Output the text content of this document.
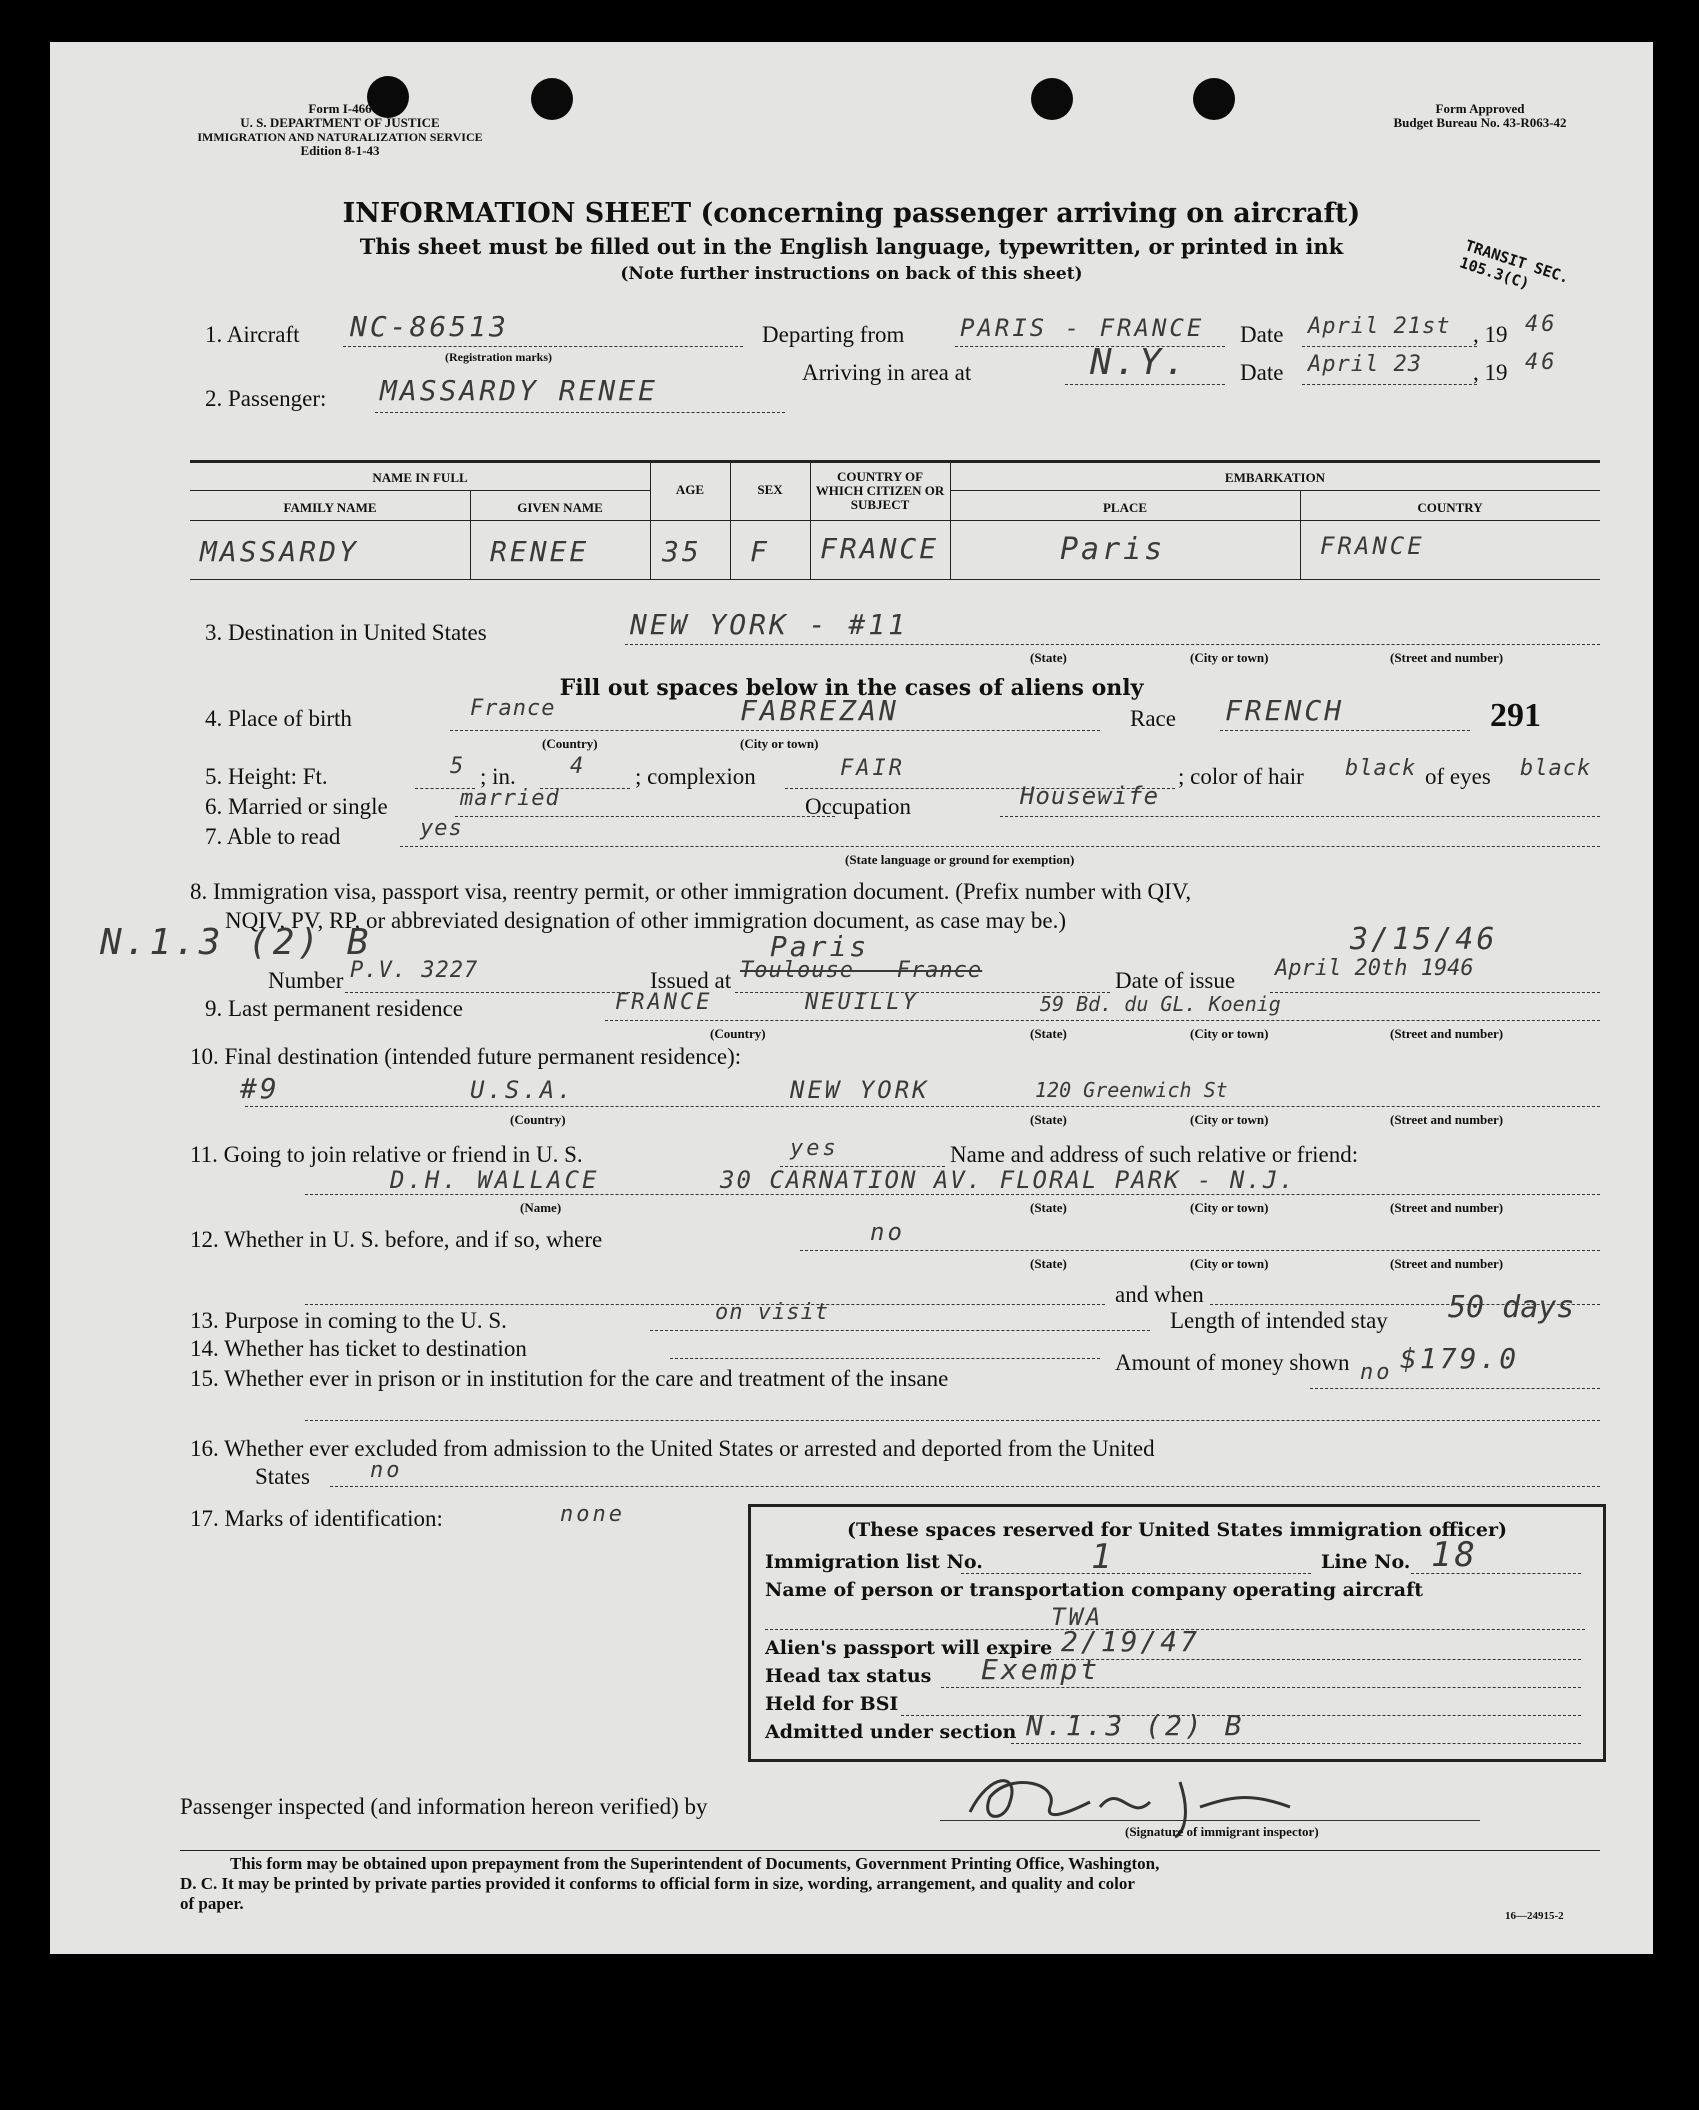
Form I-466
U. S. DEPARTMENT OF JUSTICE
IMMIGRATION AND NATURALIZATION SERVICE
Edition 8-1-43
Form Approved
Budget Bureau No. 43-R063-42
INFORMATION SHEET (concerning passenger arriving on aircraft)
This sheet must be filled out in the English language, typewritten, or printed in ink
(Note further instructions on back of this sheet)	TRANSIT SEC. 105.3(C)
1. Aircraft NC-86513
(Registration marks)
Departing from PARIS - FRANCE Date April 21st , 19 46
2. Passenger: MASSARDY RENEE
Arriving in area at	N.Y. Date April 23 , 19 46
NAME IN FULL
FAMILY NAME	GIVEN NAME
AGE	SEX
COUNTRY OF WHICH CITIZEN OR SUBJECT
EMBARKATION
PLACE	COUNTRY
MASSARDY	RENEE	35 F FRANCE	Paris	FRANCE
3. Destination in United States	NEW YORK - #11
(State)	(City or town)	(Street and number)
Fill out spaces below in the cases of aliens only
4. Place of birth	France	FABREZAN
(Country)	(City or town)
Race FRENCH	291
5. Height: Ft.	5 ; in. 4 ; complexion	FAIR	; color of hair black of eyes black
6. Married or single	married	Occupation	Housewife
7. Able to read	yes
(State language or ground for exemption)
8. Immigration visa, passport visa, reentry permit, or other immigration document. (Prefix number with QIV,
NQIV, PV, RP, or abbreviated designation of other immigration document, as case may be.)
N.1.3 (2) B
Number P.V. 3227	Issued at Toulouse - France
Paris
Date of issue April 20th 1946
3/15/46
9. Last permanent residence	FRANCE	NEUILLY	59 Bd. du GL. Koenig
(Country)	(State)	(City or town)	(Street and number)
10. Final destination (intended future permanent residence):
#9	U.S.A.	NEW YORK	120 Greenwich St
(Country)	(State)	(City or town)	(Street and number)
11. Going to join relative or friend in U. S.	yes	Name and address of such relative or friend:
D.H. WALLACE	30 CARNATION AV. FLORAL PARK - N.J.
(Name)	(State)	(City or town)	(Street and number)
12. Whether in U. S. before, and if so, where	no
(State)	(City or town)	(Street and number)
and when
13. Purpose in coming to the U. S.	on visit	Length of intended stay 50 days
14. Whether has ticket to destination
Amount of money shown $179.0
15. Whether ever in prison or in institution for the care and treatment of the insane	no
16. Whether ever excluded from admission to the United States or arrested and deported from the United
States	no
17. Marks of identification:	none
(These spaces reserved for United States immigration officer)
Immigration list No.	1	Line No. 18
Name of person or transportation company operating aircraft
TWA
Alien's passport will expire 2/19/47
Head tax status Exempt
Held for BSI
Admitted under section N.1.3 (2) B
Passenger inspected (and information hereon verified) by
(Signature of immigrant inspector)
This form may be obtained upon prepayment from the Superintendent of Documents, Government Printing Office, Washington,
D. C. It may be printed by private parties provided it conforms to official form in size, wording, arrangement, and quality and color
of paper.
16—24915-2
